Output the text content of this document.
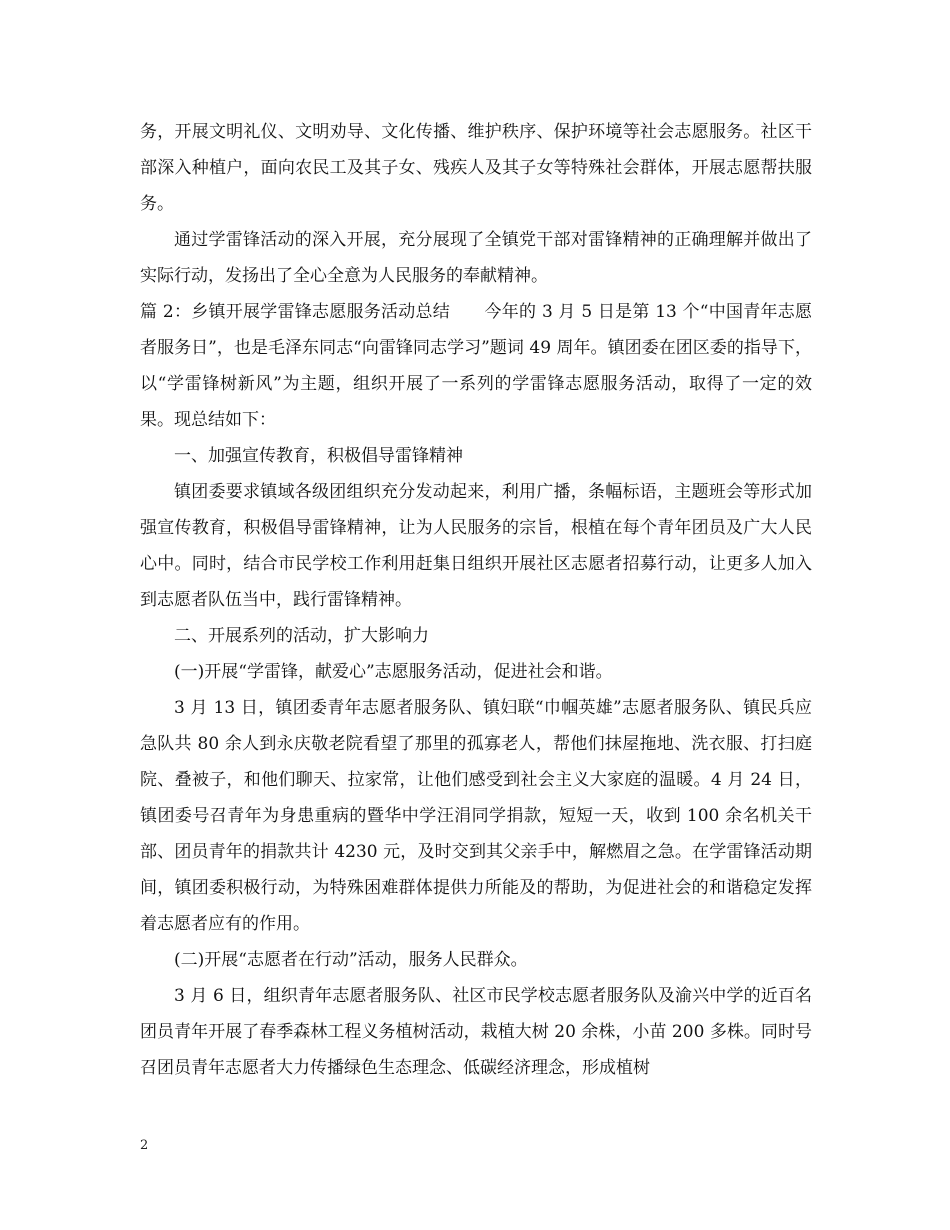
务，开展文明礼仪、文明劝导、文化传播、维护秩序、保护环境等社会志愿服务。社区干部深入种植户，面向农民工及其子女、残疾人及其子女等特殊社会群体，开展志愿帮扶服务。

通过学雷锋活动的深入开展，充分展现了全镇党干部对雷锋精神的正确理解并做出了实际行动，发扬出了全心全意为人民服务的奉献精神。

篇 2：乡镇开展学雷锋志愿服务活动总结　　今年的 3 月 5 日是第 13 个“中国青年志愿者服务日”，也是毛泽东同志“向雷锋同志学习”题词 49 周年。镇团委在团区委的指导下，以“学雷锋树新风”为主题，组织开展了一系列的学雷锋志愿服务活动，取得了一定的效果。现总结如下：

一、加强宣传教育，积极倡导雷锋精神

镇团委要求镇域各级团组织充分发动起来，利用广播，条幅标语，主题班会等形式加强宣传教育，积极倡导雷锋精神，让为人民服务的宗旨，根植在每个青年团员及广大人民心中。同时，结合市民学校工作利用赶集日组织开展社区志愿者招募行动，让更多人加入到志愿者队伍当中，践行雷锋精神。

二、开展系列的活动，扩大影响力

(一)开展“学雷锋，献爱心”志愿服务活动，促进社会和谐。

3 月 13 日，镇团委青年志愿者服务队、镇妇联“巾帼英雄”志愿者服务队、镇民兵应急队共 80 余人到永庆敬老院看望了那里的孤寡老人，帮他们抹屋拖地、洗衣服、打扫庭院、叠被子，和他们聊天、拉家常，让他们感受到社会主义大家庭的温暖。4 月 24 日，镇团委号召青年为身患重病的暨华中学汪涓同学捐款，短短一天，收到 100 余名机关干部、团员青年的捐款共计 4230 元，及时交到其父亲手中，解燃眉之急。在学雷锋活动期间，镇团委积极行动，为特殊困难群体提供力所能及的帮助，为促进社会的和谐稳定发挥着志愿者应有的作用。

(二)开展“志愿者在行动”活动，服务人民群众。

3 月 6 日，组织青年志愿者服务队、社区市民学校志愿者服务队及渝兴中学的近百名团员青年开展了春季森林工程义务植树活动，栽植大树 20 余株，小苗 200 多株。同时号召团员青年志愿者大力传播绿色生态理念、低碳经济理念，形成植树

2
